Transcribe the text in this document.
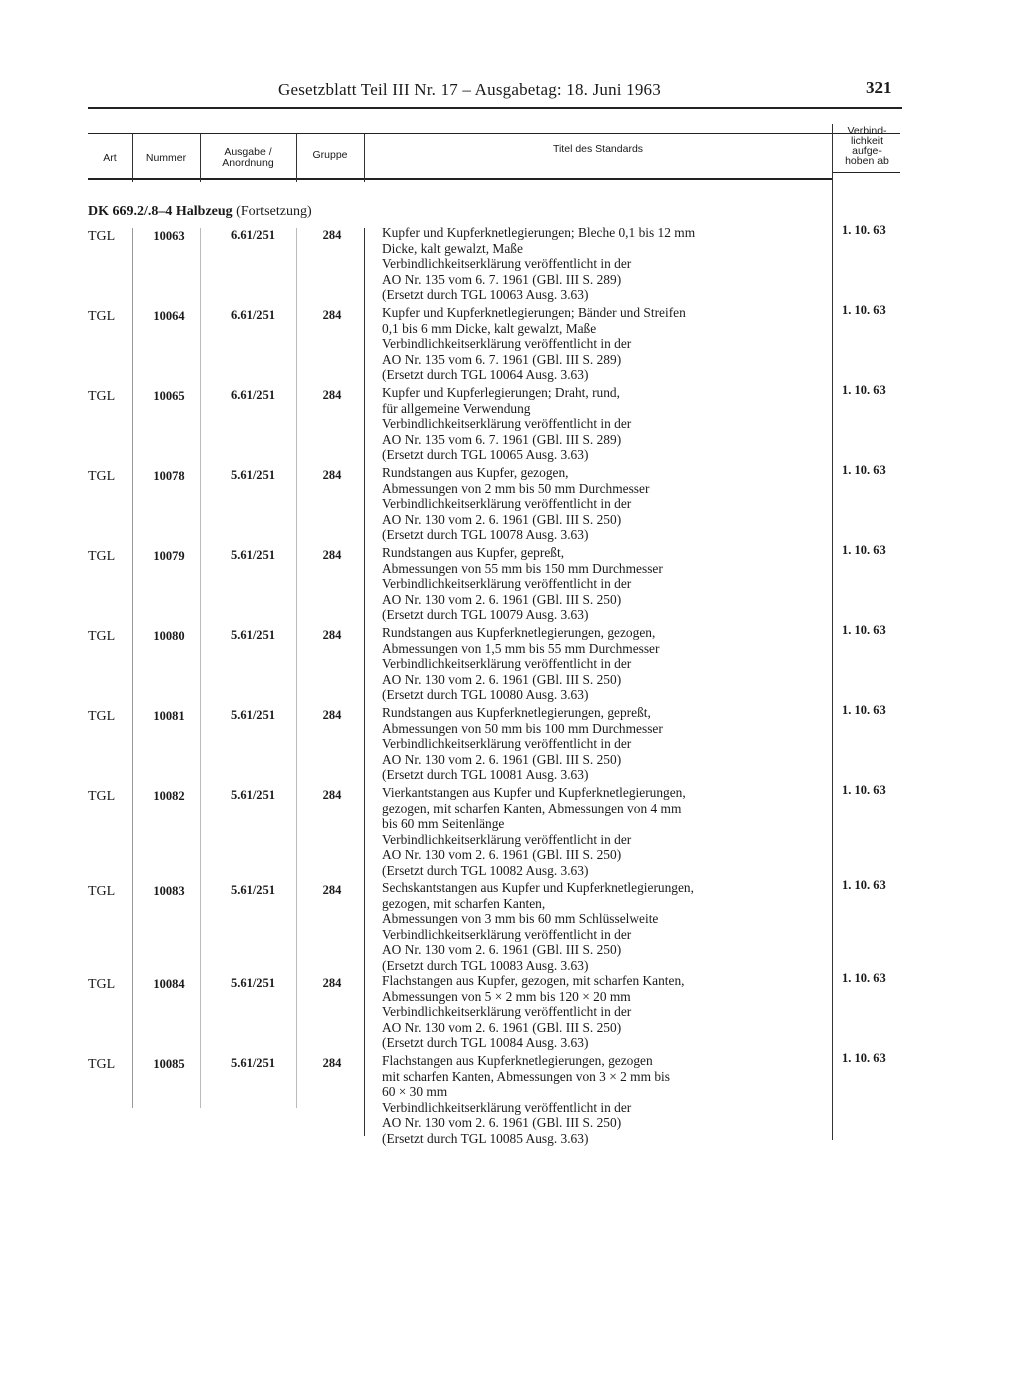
Gesetzblatt Teil III Nr. 17 – Ausgabetag: 18. Juni 1963	321
Art	Nummer	Ausgabe /
Anordnung
Gruppe	Titel des Standards
Verbind-
lichkeit
aufge-
hoben ab
DK 669.2/.8–4 Halbzeug (Fortsetzung)
TGL	10063	6.61/251	284	Kupfer und Kupferknetlegierungen; Bleche 0,1 bis 12 mm
Dicke, kalt gewalzt, Maße
Verbindlichkeitserklärung veröffentlicht in der
AO Nr. 135 vom 6. 7. 1961 (GBl. III S. 289)
(Ersetzt durch TGL 10063 Ausg. 3.63)
1. 10. 63
TGL	10064	6.61/251	284	Kupfer und Kupferknetlegierungen; Bänder und Streifen
0,1 bis 6 mm Dicke, kalt gewalzt, Maße
Verbindlichkeitserklärung veröffentlicht in der
AO Nr. 135 vom 6. 7. 1961 (GBl. III S. 289)
(Ersetzt durch TGL 10064 Ausg. 3.63)
1. 10. 63
TGL	10065	6.61/251	284	Kupfer und Kupferlegierungen; Draht, rund,
für allgemeine Verwendung
Verbindlichkeitserklärung veröffentlicht in der
AO Nr. 135 vom 6. 7. 1961 (GBl. III S. 289)
(Ersetzt durch TGL 10065 Ausg. 3.63)
1. 10. 63
TGL	10078	5.61/251	284	Rundstangen aus Kupfer, gezogen,
Abmessungen von 2 mm bis 50 mm Durchmesser
Verbindlichkeitserklärung veröffentlicht in der
AO Nr. 130 vom 2. 6. 1961 (GBl. III S. 250)
(Ersetzt durch TGL 10078 Ausg. 3.63)
1. 10. 63
TGL	10079	5.61/251	284	Rundstangen aus Kupfer, gepreßt,
Abmessungen von 55 mm bis 150 mm Durchmesser
Verbindlichkeitserklärung veröffentlicht in der
AO Nr. 130 vom 2. 6. 1961 (GBl. III S. 250)
(Ersetzt durch TGL 10079 Ausg. 3.63)
1. 10. 63
TGL	10080	5.61/251	284	Rundstangen aus Kupferknetlegierungen, gezogen,
Abmessungen von 1,5 mm bis 55 mm Durchmesser
Verbindlichkeitserklärung veröffentlicht in der
AO Nr. 130 vom 2. 6. 1961 (GBl. III S. 250)
(Ersetzt durch TGL 10080 Ausg. 3.63)
1. 10. 63
TGL	10081	5.61/251	284	Rundstangen aus Kupferknetlegierungen, gepreßt,
Abmessungen von 50 mm bis 100 mm Durchmesser
Verbindlichkeitserklärung veröffentlicht in der
AO Nr. 130 vom 2. 6. 1961 (GBl. III S. 250)
(Ersetzt durch TGL 10081 Ausg. 3.63)
1. 10. 63
TGL	10082	5.61/251	284	Vierkantstangen aus Kupfer und Kupferknetlegierungen,
gezogen, mit scharfen Kanten, Abmessungen von 4 mm
bis 60 mm Seitenlänge
Verbindlichkeitserklärung veröffentlicht in der
AO Nr. 130 vom 2. 6. 1961 (GBl. III S. 250)
(Ersetzt durch TGL 10082 Ausg. 3.63)
1. 10. 63
TGL	10083	5.61/251	284	Sechskantstangen aus Kupfer und Kupferknetlegierungen,
gezogen, mit scharfen Kanten,
Abmessungen von 3 mm bis 60 mm Schlüsselweite
Verbindlichkeitserklärung veröffentlicht in der
AO Nr. 130 vom 2. 6. 1961 (GBl. III S. 250)
(Ersetzt durch TGL 10083 Ausg. 3.63)
1. 10. 63
TGL	10084	5.61/251	284	Flachstangen aus Kupfer, gezogen, mit scharfen Kanten,
Abmessungen von 5 × 2 mm bis 120 × 20 mm
Verbindlichkeitserklärung veröffentlicht in der
AO Nr. 130 vom 2. 6. 1961 (GBl. III S. 250)
(Ersetzt durch TGL 10084 Ausg. 3.63)
1. 10. 63
TGL	10085	5.61/251	284	Flachstangen aus Kupferknetlegierungen, gezogen
mit scharfen Kanten, Abmessungen von 3 × 2 mm bis
60 × 30 mm
Verbindlichkeitserklärung veröffentlicht in der
AO Nr. 130 vom 2. 6. 1961 (GBl. III S. 250)
(Ersetzt durch TGL 10085 Ausg. 3.63)
1. 10. 63
